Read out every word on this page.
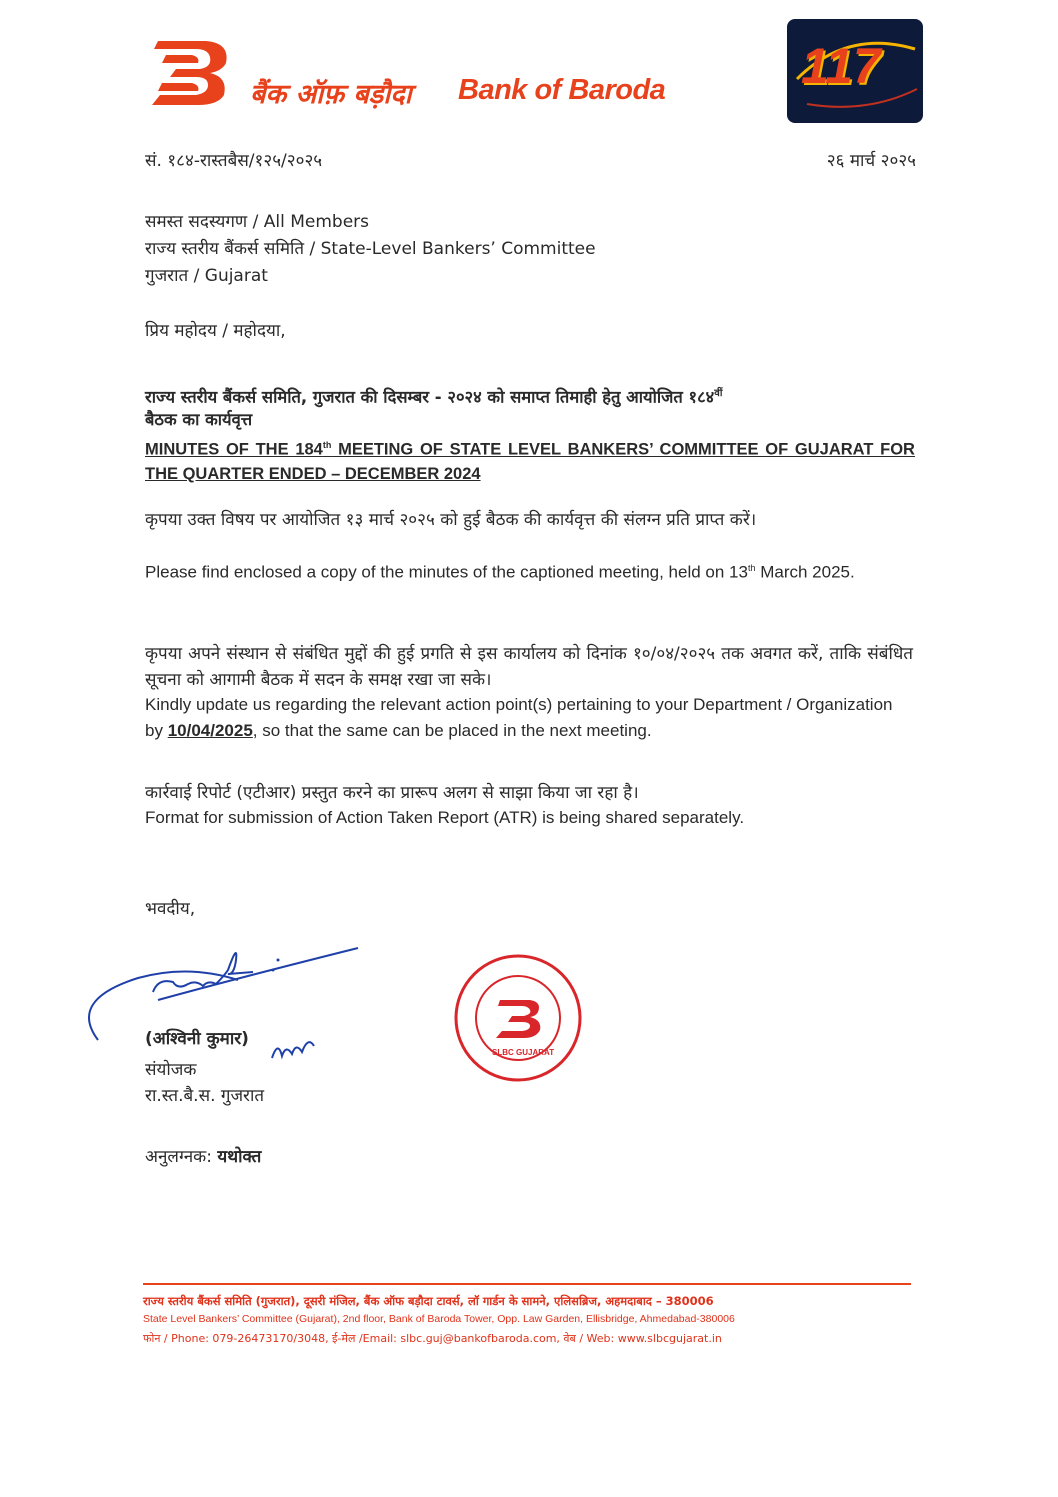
बैंक ऑफ़ बड़ौदा Bank of Baroda	117
सं. १८४-रास्तबैस/१२५/२०२५	२६ मार्च २०२५
समस्त सदस्यगण / All Members
राज्य स्तरीय बैंकर्स समिति / State-Level Bankers’ Committee
गुजरात / Gujarat
प्रिय महोदय / महोदया,
राज्य स्तरीय बैंकर्स समिति, गुजरात की दिसम्बर - २०२४ को समाप्त तिमाही हेतु आयोजित $१८४^{वीं}$
बैठक का कार्यवृत्त
MINUTES OF THE 184th MEETING OF STATE LEVEL BANKERS’ COMMITTEE OF GUJARAT FOR THE QUARTER ENDED – DECEMBER 2024
कृपया उक्त विषय पर आयोजित १३ मार्च २०२५ को हुई बैठक की कार्यवृत्त की संलग्न प्रति प्राप्त करें।
Please find enclosed a copy of the minutes of the captioned meeting, held on 13th March 2025.
कृपया अपने संस्थान से संबंधित मुद्दों की हुई प्रगति से इस कार्यालय को दिनांक १०/०४/२०२५ तक अवगत करें, ताकि संबंधित सूचना को आगामी बैठक में सदन के समक्ष रखा जा सके।
Kindly update us regarding the relevant action point(s) pertaining to your Department / Organization by 10/04/2025, so that the same can be placed in the next meeting.
कार्रवाई रिपोर्ट (एटीआर) प्रस्तुत करने का प्रारूप अलग से साझा किया जा रहा है।
Format for submission of Action Taken Report (ATR) is being shared separately.
भवदीय,
(अश्विनी कुमार)
संयोजक
रा.स्त.बै.स. गुजरात
SLBC GUJARAT
अनुलग्नक: यथोक्त
राज्य स्तरीय बैंकर्स समिति (गुजरात), दूसरी मंजिल, बैंक ऑफ बड़ौदा टावर्स, लॉ गार्डन के सामने, एलिसब्रिज, अहमदाबाद – 380006
State Level Bankers’ Committee (Gujarat), 2nd floor, Bank of Baroda Tower, Opp. Law Garden, Ellisbridge, Ahmedabad-380006
फोन / Phone: 079-26473170/3048, ई-मेल /Email: slbc.guj@bankofbaroda.com, वेब / Web: www.slbcgujarat.in
